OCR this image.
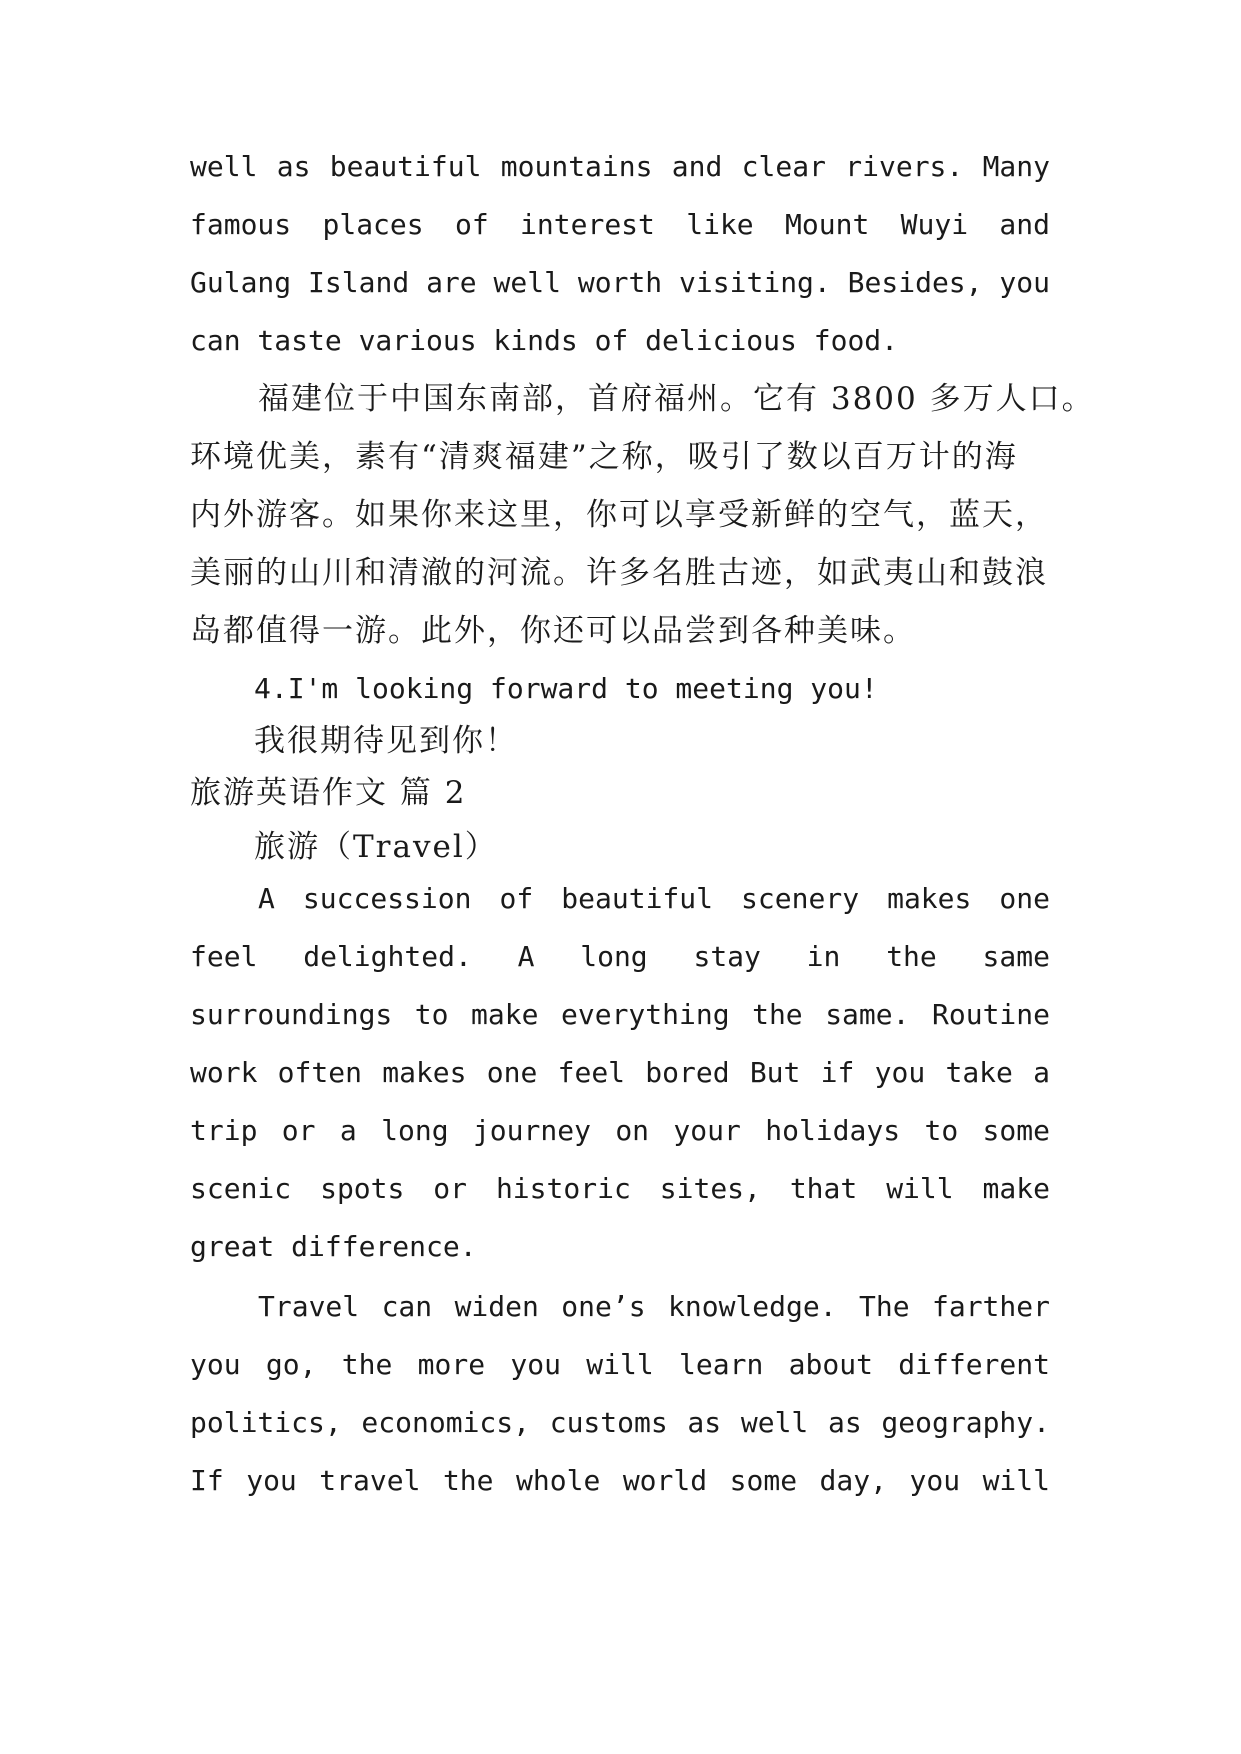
well as beautiful mountains and clear rivers. Many
famous places of interest like Mount Wuyi and
Gulang Island are well worth visiting. Besides, you
can taste various kinds of delicious food.
福建位于中国东南部，首府福州。它有 3800 多万人口。
环境优美，素有“清爽福建”之称，吸引了数以百万计的海
内外游客。如果你来这里，你可以享受新鲜的空气，蓝天，
美丽的山川和清澈的河流。许多名胜古迹，如武夷山和鼓浪
岛都值得一游。此外，你还可以品尝到各种美味。
4.I'm looking forward to meeting you!
我很期待见到你！
旅游英语作文 篇 2
旅游（Travel）
A succession of beautiful scenery makes one
feel delighted. A long stay in the same
surroundings to make everything the same. Routine
work often makes one feel bored But if you take a
trip or a long journey on your holidays to some
scenic spots or historic sites, that will make
great difference.
Travel can widen one’s knowledge. The farther
you go, the more you will learn about different
politics, economics, customs as well as geography.
If you travel the whole world some day, you will
